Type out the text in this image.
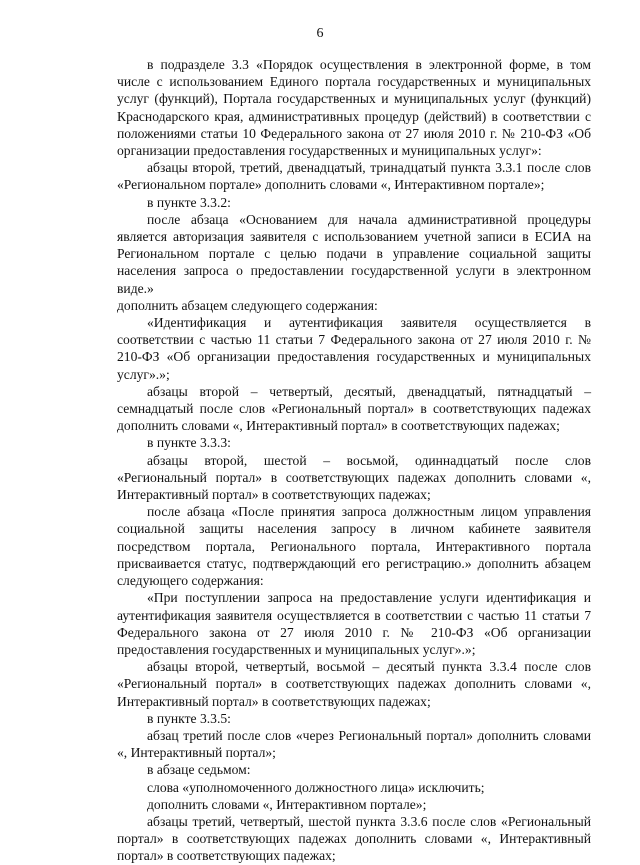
6

в подразделе 3.3 «Порядок осуществления в электронной форме, в том числе с использованием Единого портала государственных и муниципальных услуг (функций), Портала государственных и муниципальных услуг (функций) Краснодарского края, административных процедур (действий) в соответствии с положениями статьи 10 Федерального закона от 27 июля 2010 г. № 210-ФЗ «Об организации предоставления государственных и муниципальных услуг»:

абзацы второй, третий, двенадцатый, тринадцатый пункта 3.3.1 после слов «Региональном портале» дополнить словами «, Интерактивном портале»;

в пункте 3.3.2:

после абзаца «Основанием для начала административной процедуры является авторизация заявителя с использованием учетной записи в ЕСИА на Региональном портале с целью подачи в управление социальной защиты населения запроса о предоставлении государственной услуги в электронном виде.»

дополнить абзацем следующего содержания:

«Идентификация и аутентификация заявителя осуществляется в соответствии с частью 11 статьи 7 Федерального закона от 27 июля 2010 г. № 210-ФЗ «Об организации предоставления государственных и муниципальных услуг».»;

абзацы второй – четвертый, десятый, двенадцатый, пятнадцатый – семнадцатый после слов «Региональный портал» в соответствующих падежах дополнить словами «, Интерактивный портал» в соответствующих падежах;

в пункте 3.3.3:

абзацы второй, шестой – восьмой, одиннадцатый после слов «Региональный портал» в соответствующих падежах дополнить словами «, Интерактивный портал» в соответствующих падежах;

после абзаца «После принятия запроса должностным лицом управления социальной защиты населения запросу в личном кабинете заявителя посредством портала, Регионального портала, Интерактивного портала присваивается статус, подтверждающий его регистрацию.» дополнить абзацем следующего содержания:

«При поступлении запроса на предоставление услуги идентификация и аутентификация заявителя осуществляется в соответствии с частью 11 статьи 7 Федерального закона от 27 июля 2010 г. № 210-ФЗ «Об организации предоставления государственных и муниципальных услуг».»;

абзацы второй, четвертый, восьмой – десятый пункта 3.3.4 после слов «Региональный портал» в соответствующих падежах дополнить словами «, Интерактивный портал» в соответствующих падежах;

в пункте 3.3.5:

абзац третий после слов «через Региональный портал» дополнить словами «, Интерактивный портал»;

в абзаце седьмом:

слова «уполномоченного должностного лица» исключить;

дополнить словами «, Интерактивном портале»;

абзацы третий, четвертый, шестой пункта 3.3.6 после слов «Региональный портал» в соответствующих падежах дополнить словами «, Интерактивный портал» в соответствующих падежах;
